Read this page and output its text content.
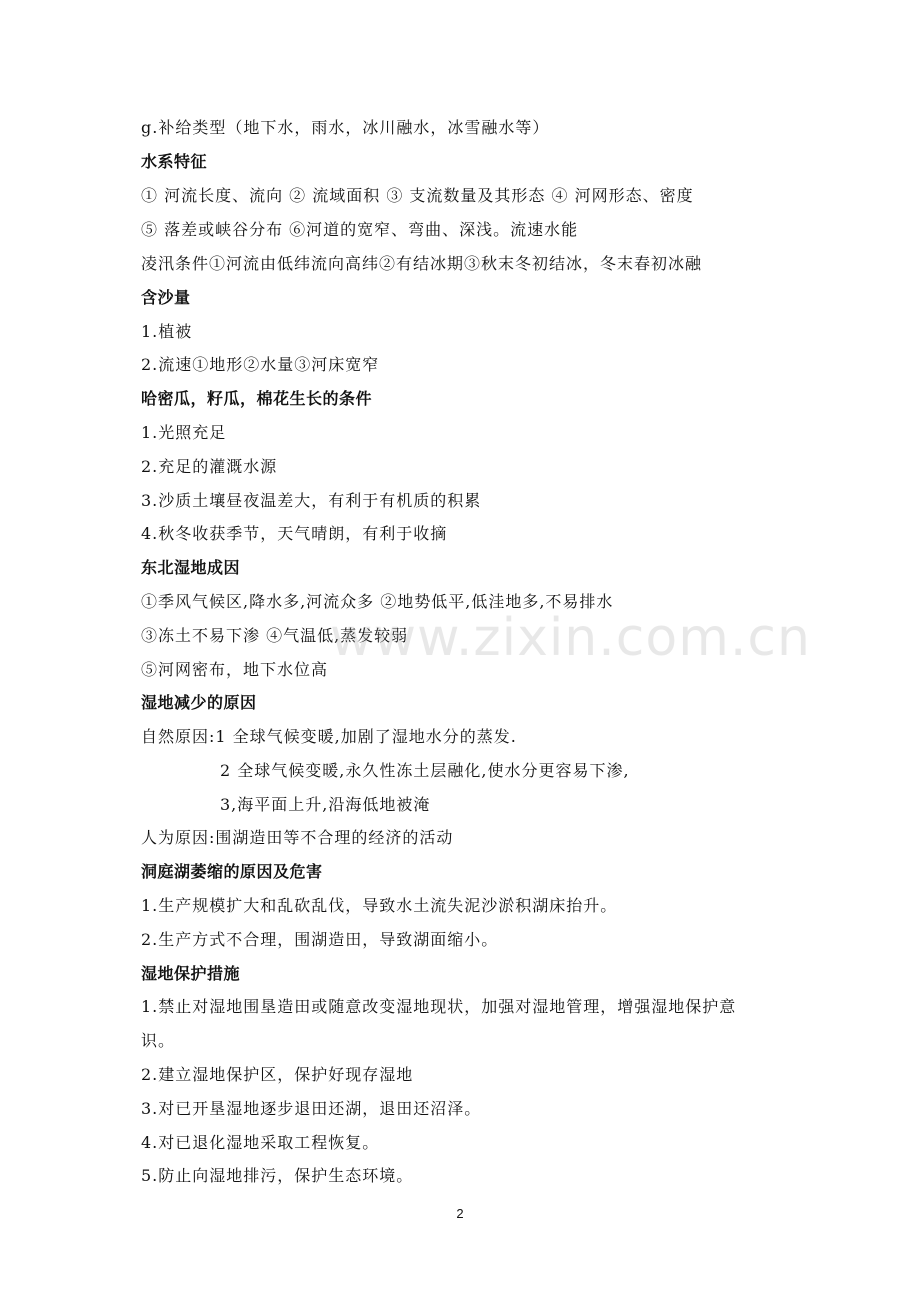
g.补给类型（地下水，雨水，冰川融水，冰雪融水等）
水系特征
① 河流长度、流向 ② 流域面积 ③ 支流数量及其形态 ④ 河网形态、密度
⑤ 落差或峡谷分布 ⑥河道的宽窄、弯曲、深浅。流速水能
凌汛条件①河流由低纬流向高纬②有结冰期③秋末冬初结冰，冬末春初冰融
含沙量
1.植被
2.流速①地形②水量③河床宽窄
哈密瓜，籽瓜，棉花生长的条件
1.光照充足
2.充足的灌溉水源
3.沙质土壤昼夜温差大，有利于有机质的积累
4.秋冬收获季节，天气晴朗，有利于收摘
东北湿地成因
①季风气候区,降水多,河流众多 ②地势低平,低洼地多,不易排水
③冻土不易下渗 ④气温低,蒸发较弱
⑤河网密布，地下水位高
湿地减少的原因
自然原因:1 全球气候变暖,加剧了湿地水分的蒸发.
2 全球气候变暖,永久性冻土层融化,使水分更容易下渗,
3,海平面上升,沿海低地被淹
人为原因:围湖造田等不合理的经济的活动
洞庭湖萎缩的原因及危害
1.生产规模扩大和乱砍乱伐，导致水土流失泥沙淤积湖床抬升。
2.生产方式不合理，围湖造田，导致湖面缩小。
湿地保护措施
1.禁止对湿地围垦造田或随意改变湿地现状，加强对湿地管理，增强湿地保护意
识。
2.建立湿地保护区，保护好现存湿地
3.对已开垦湿地逐步退田还湖，退田还沼泽。
4.对已退化湿地采取工程恢复。
5.防止向湿地排污，保护生态环境。
www.zixin.com.cn
2
